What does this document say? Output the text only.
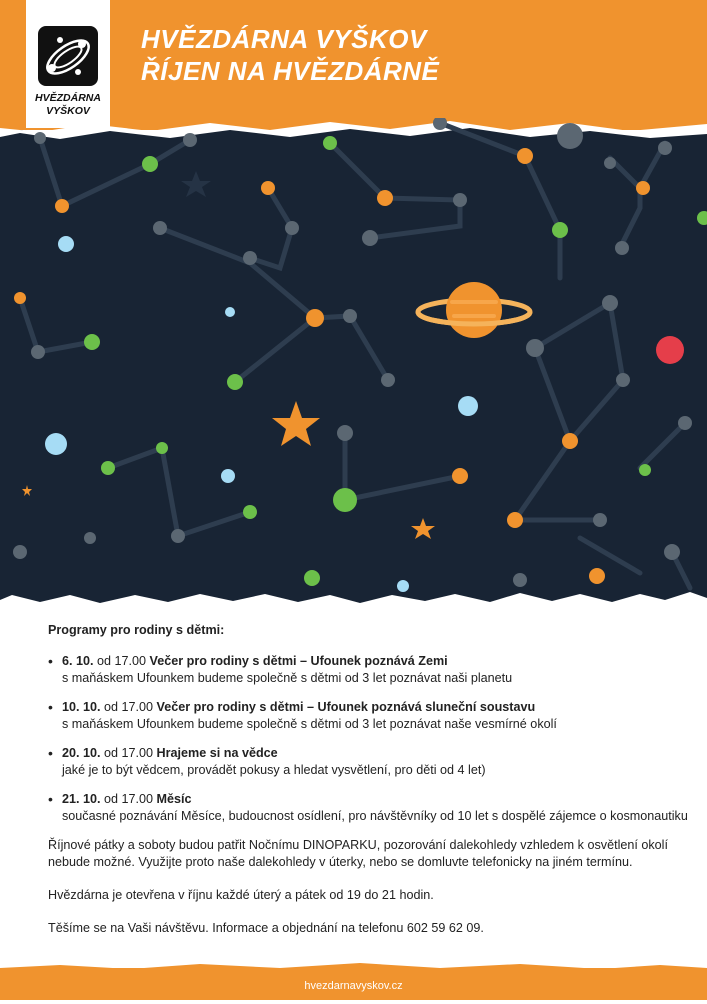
HVĚZDÁRNA
VYŠKOV
HVĚZDÁRNA VYŠKOV
ŘÍJEN NA HVĚZDÁRNĚ
Programy pro rodiny s dětmi:
• 6. 10. od 17.00 Večer pro rodiny s dětmi – Ufounek poznává Zemi
s maňáskem Ufounkem budeme společně s dětmi od 3 let poznávat naši planetu
• 10. 10. od 17.00 Večer pro rodiny s dětmi – Ufounek poznává sluneční soustavu
s maňáskem Ufounkem budeme společně s dětmi od 3 let poznávat naše vesmírné okolí
• 20. 10. od 17.00 Hrajeme si na vědce
jaké je to být vědcem, provádět pokusy a hledat vysvětlení, pro děti od 4 let)
• 21. 10. od 17.00 Měsíc
současné poznávání Měsíce, budoucnost osídlení, pro návštěvníky od 10 let s dospělé zájemce o kosmonautiku

Říjnové pátky a soboty budou patřit Nočnímu DINOPARKU, pozorování dalekohledy vzhledem k osvětlení okolí nebude možné. Využijte proto naše dalekohledy v úterky, nebo se domluvte telefonicky na jiném termínu.

Hvězdárna je otevřena v říjnu každé úterý a pátek od 19 do 21 hodin.

Těšíme se na Vaši návštěvu. Informace a objednání na telefonu 602 59 62 09.

hvezdarnavyskov.cz
